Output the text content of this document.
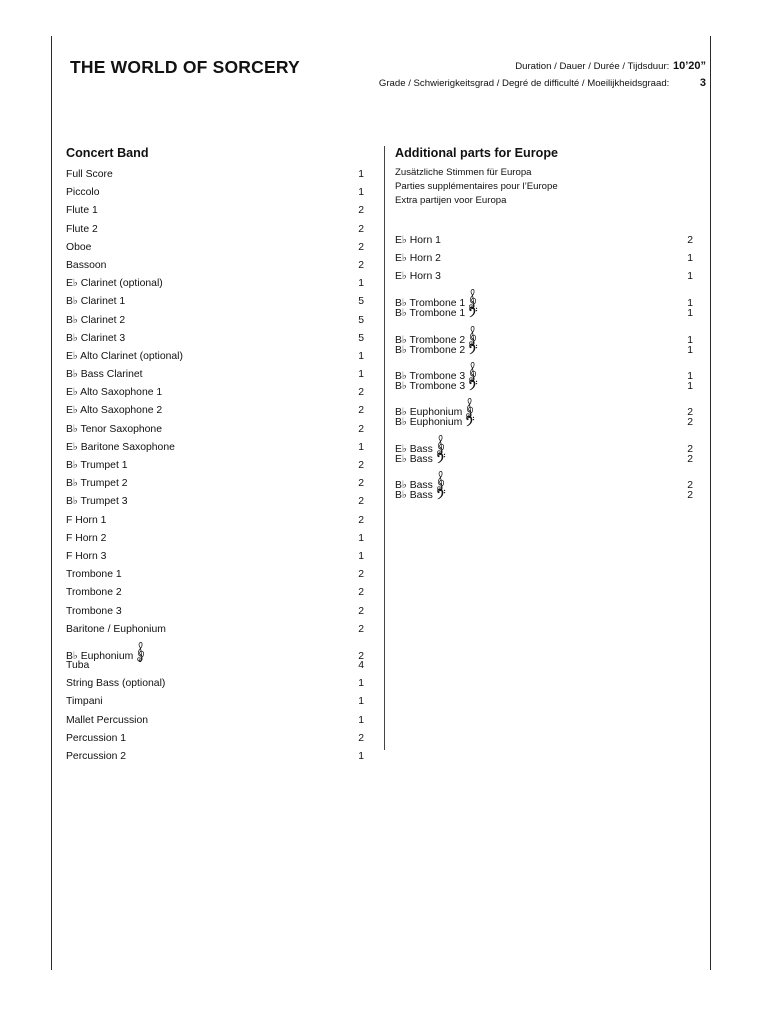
THE WORLD OF SORCERY	Duration / Dauer / Durée / Tijdsduur: 10’20”
Grade / Schwierigkeitsgrad / Degré de difficulté / Moeilijkheidsgraad:	3
Concert Band
Full Score	1
Piccolo	1
Flute 1	2
Flute 2	2
Oboe	2
Bassoon	2
E♭ Clarinet (optional)	1
B♭ Clarinet 1	5
B♭ Clarinet 2	5
B♭ Clarinet 3	5
E♭ Alto Clarinet (optional)	1
B♭ Bass Clarinet	1
E♭ Alto Saxophone 1	2
E♭ Alto Saxophone 2	2
B♭ Tenor Saxophone	2
E♭ Baritone Saxophone	1
B♭ Trumpet 1	2
B♭ Trumpet 2	2
B♭ Trumpet 3	2
F Horn 1	2
F Horn 2	1
F Horn 3	1
Trombone 1	2
Trombone 2	2
Trombone 3	2
Baritone / Euphonium	2
B♭ Euphonium	2
Tuba	4
String Bass (optional)	1
Timpani	1
Mallet Percussion	1
Percussion 1	2
Percussion 2	1
Additional parts for Europe
Zusätzliche Stimmen für Europa
Parties supplémentaires pour l’Europe
Extra partijen voor Europa
E♭ Horn 1	2
E♭ Horn 2	1
E♭ Horn 3	1
B♭ Trombone 1	1
B♭ Trombone 1	1
B♭ Trombone 2	1
B♭ Trombone 2	1
B♭ Trombone 3	1
B♭ Trombone 3	1
B♭ Euphonium	2
B♭ Euphonium	2
E♭ Bass	2
E♭ Bass	2
B♭ Bass	2
B♭ Bass	2
